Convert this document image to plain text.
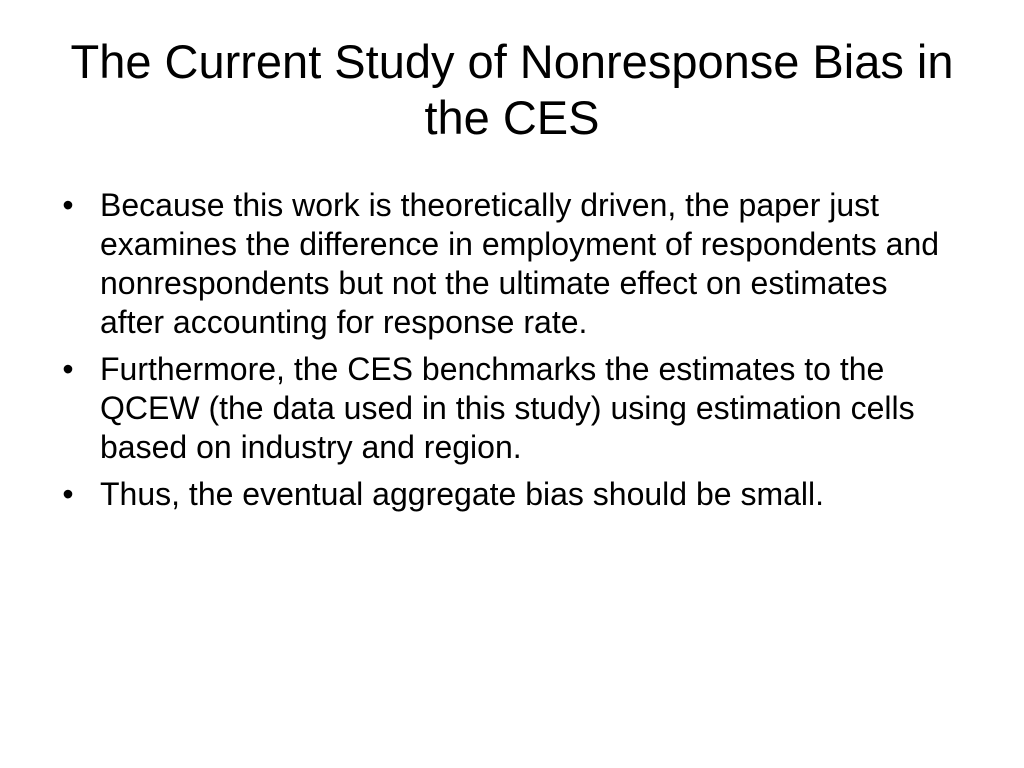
The Current Study of Nonresponse Bias in the CES
• Because this work is theoretically driven, the paper just examines the difference in employment of respondents and nonrespondents but not the ultimate effect on estimates after accounting for response rate.
• Furthermore, the CES benchmarks the estimates to the QCEW (the data used in this study) using estimation cells based on industry and region.
• Thus, the eventual aggregate bias should be small.
